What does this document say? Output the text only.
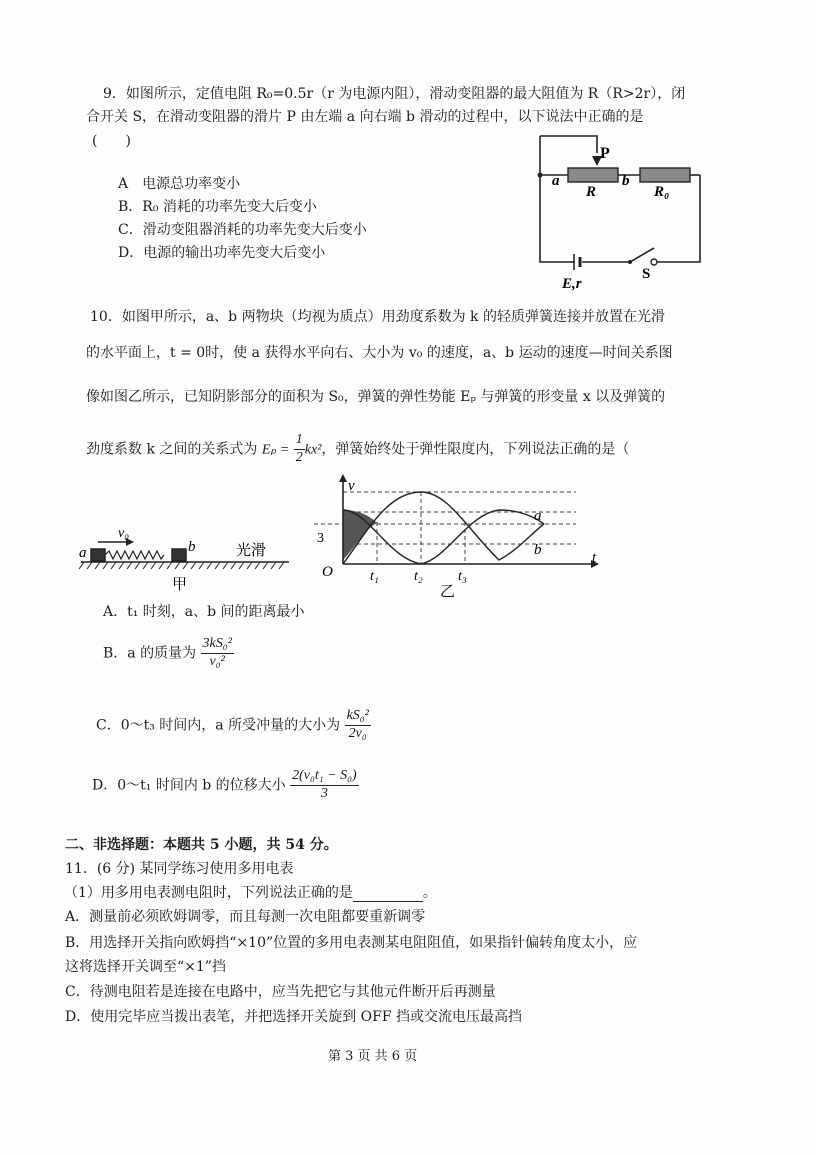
9．如图所示，定值电阻 R₀=0.5r（r 为电源内阻），滑动变阻器的最大阻值为 R（R>2r），闭
合开关 S，在滑动变阻器的滑片 P 由左端 a 向右端 b 滑动的过程中，以下说法中正确的是
(　　)
A　电源总功率变小
B．R₀ 消耗的功率先变大后变小
C．滑动变阻器消耗的功率先变大后变小
D．电源的输出功率先变大后变小
P
a
R
b
R₀
E,r
S
10．如图甲所示，a、b 两物块（均视为质点）用劲度系数为 k 的轻质弹簧连接并放置在光滑
的水平面上，t = 0时，使 a 获得水平向右、大小为 v₀ 的速度，a、b 运动的速度—时间关系图
像如图乙所示，已知阴影部分的面积为 S₀，弹簧的弹性势能 Eₚ 与弹簧的形变量 x 以及弹簧的
劲度系数 k 之间的关系式为 $E_p = \frac{1}{2} kx^2$，弹簧始终处于弹性限度内，下列说法正确的是（
a
v₀
b	光滑
甲
v
t
O
3
t₁	t₂	t₃
a
b
乙
A．t₁ 时刻，a、b 间的距离最小
B．a 的质量为 $\frac{\text{3kS₀²}}{\text{v₀²}}$
C．0～t₃ 时间内，a 所受冲量的大小为 $\frac{\text{kS₀²}}{\text{2v₀}}$
D．0～t₁ 时间内 b 的位移大小 $\frac{\text{2(v₀t₁ − S₀)}}{3}$
二、非选择题：本题共 5 小题，共 54 分。
11．(6 分) 某同学练习使用多用电表
（1）用多用电表测电阻时，下列说法正确的是	。
A．测量前必须欧姆调零，而且每测一次电阻都要重新调零
B．用选择开关指向欧姆挡“×10”位置的多用电表测某电阻阻值，如果指针偏转角度太小，应
这将选择开关调至“×1”挡
C．待测电阻若是连接在电路中，应当先把它与其他元件断开后再测量
D．使用完毕应当拨出表笔，并把选择开关旋到 OFF 挡或交流电压最高挡
第 3 页 共 6 页
